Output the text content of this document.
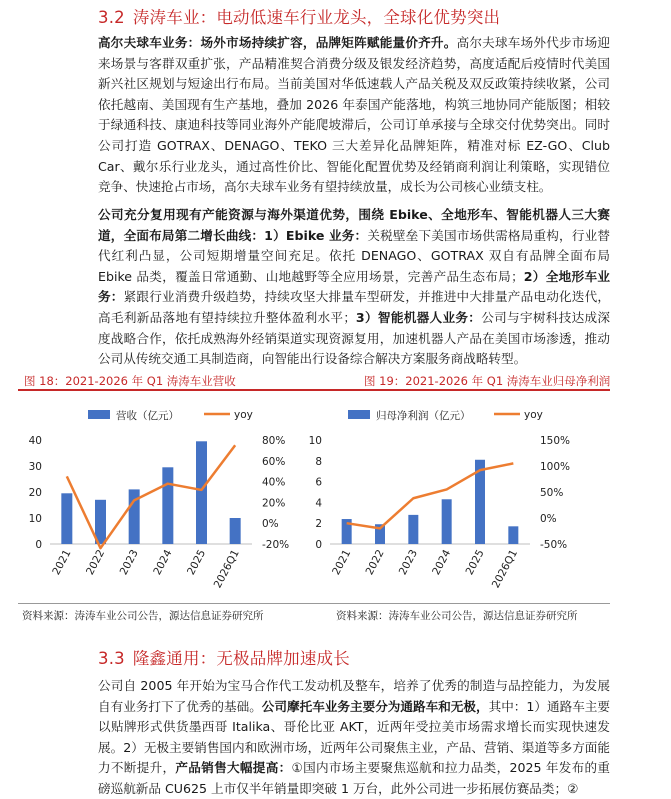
3.2 涛涛车业：电动低速车行业龙头，全球化优势突出
高尔夫球车业务：场外市场持续扩容，品牌矩阵赋能量价齐升。高尔夫球车场外代步市场迎来场景与客群双重扩张，产品精准契合消费分级及银发经济趋势，高度适配后疫情时代美国新兴社区规划与短途出行布局。当前美国对华低速载人产品关税及双反政策持续收紧，公司依托越南、美国现有生产基地，叠加 2026 年泰国产能落地，构筑三地协同产能版图；相较于绿通科技、康迪科技等同业海外产能爬坡滞后，公司订单承接与全球交付优势突出。同时公司打造 GOTRAX、DENAGO、TEKO 三大差异化品牌矩阵，精准对标 EZ-GO、Club Car、戴尔乐行业龙头，通过高性价比、智能化配置优势及经销商利润让利策略，实现错位竞争、快速抢占市场，高尔夫球车业务有望持续放量，成长为公司核心业绩支柱。
公司充分复用现有产能资源与海外渠道优势，围绕 Ebike、全地形车、智能机器人三大赛道，全面布局第二增长曲线：1）Ebike 业务：关税壁垒下美国市场供需格局重构，行业替代红利凸显，公司短期增量空间充足。依托 DENAGO、GOTRAX 双自有品牌全面布局 Ebike 品类，覆盖日常通勤、山地越野等全应用场景，完善产品生态布局；2）全地形车业务：紧跟行业消费升级趋势，持续攻坚大排量车型研发，并推进中大排量产品电动化迭代，高毛利新品落地有望持续拉升整体盈利水平；3）智能机器人业务：公司与宇树科技达成深度战略合作，依托成熟海外经销渠道实现资源复用，加速机器人产品在美国市场渗透，推动公司从传统交通工具制造商，向智能出行设备综合解决方案服务商战略转型。
图 18：2021-2026 年 Q1 涛涛车业营收	图 19：2021-2026 年 Q1 涛涛车业归母净利润
营收（亿元）	yoy
0
10
20
30
40
-20%
0%
20%
40%
60%
80%
2021 2022 2023 2024 2025 2026Q1
归母净利润（亿元）	yoy
0
2
4
6
8
10
-50%
0%
50%
100%
150%
2021 2022 2023 2024 2025 2026Q1
资料来源：涛涛车业公司公告，源达信息证券研究所	资料来源：涛涛车业公司公告，源达信息证券研究所
3.3 隆鑫通用：无极品牌加速成长
公司自 2005 年开始为宝马合作代工发动机及整车，培养了优秀的制造与品控能力，为发展自有业务打下了优秀的基础。公司摩托车业务主要分为通路车和无极，其中：1）通路车主要以贴牌形式供货墨西哥 Italika、哥伦比亚 AKT，近两年受拉美市场需求增长而实现快速发展。2）无极主要销售国内和欧洲市场，近两年公司聚焦主业，产品、营销、渠道等多方面能力不断提升，产品销售大幅提高：①国内市场主要聚焦巡航和拉力品类，2025 年发布的重磅巡航新品 CU625 上市仅半年销量即突破 1 万台，此外公司进一步拓展仿赛品类；②
